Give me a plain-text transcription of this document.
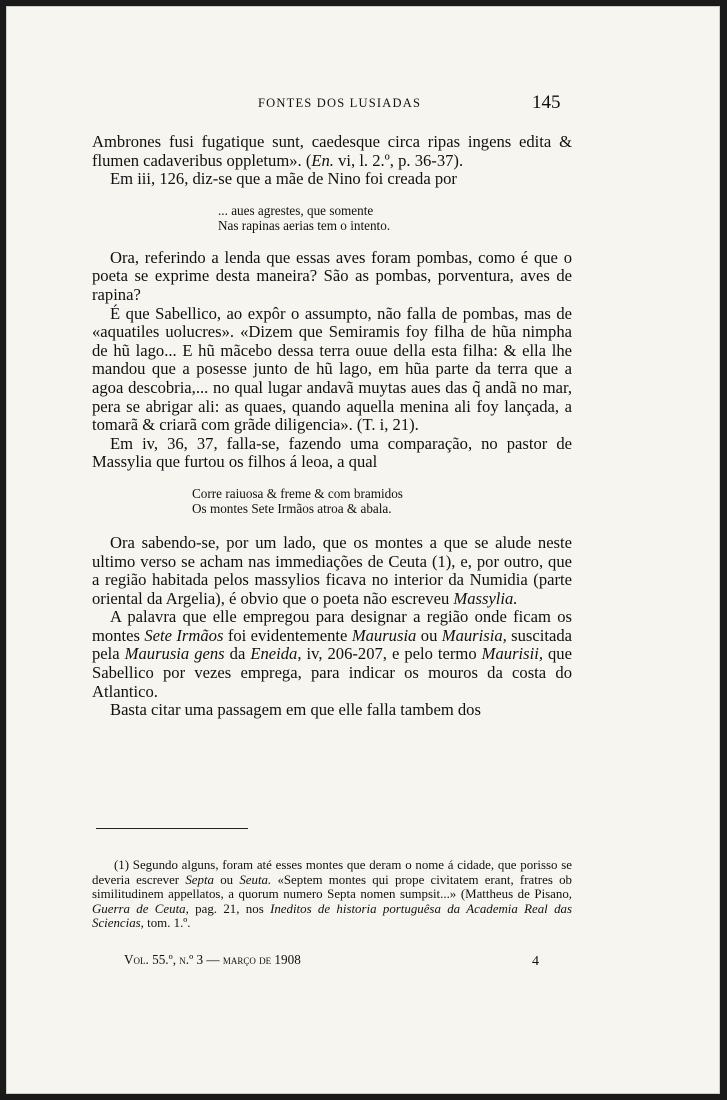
FONTES DOS LUSIADAS	145

Ambrones fusi fugatique sunt, caedesque circa ripas ingens edita & flumen cadaveribus oppletum». (En. vi, l. 2.º, p. 36-37).

Em iii, 126, diz-se que a mãe de Nino foi creada por

... aues agrestes, que somente
Nas rapinas aerias tem o intento.

Ora, referindo a lenda que essas aves foram pombas, como é que o poeta se exprime desta maneira? São as pombas, porventura, aves de rapina?

É que Sabellico, ao expôr o assumpto, não falla de pombas, mas de «aquatiles uolucres». «Dizem que Semiramis foy filha de hũa nimpha de hũ lago... E hũ mãcebo dessa terra ouue della esta filha: & ella lhe mandou que a posesse junto de hũ lago, em hũa parte da terra que a agoa descobria,... no qual lugar andavã muytas aues das q̃ andã no mar, pera se abrigar ali: as quaes, quando aquella menina ali foy lançada, a tomarã & criarã com grãde diligencia». (T. i, 21).

Em iv, 36, 37, falla-se, fazendo uma comparação, no pastor de Massylia que furtou os filhos á leoa, a qual

Corre raiuosa & freme & com bramidos
Os montes Sete Irmãos atroa & abala.

Ora sabendo-se, por um lado, que os montes a que se alude neste ultimo verso se acham nas immediações de Ceuta (1), e, por outro, que a região habitada pelos massylios ficava no interior da Numidia (parte oriental da Argelia), é obvio que o poeta não escreveu Massylia.

A palavra que elle empregou para designar a região onde ficam os montes Sete Irmãos foi evidentemente Maurusia ou Maurisia, suscitada pela Maurusia gens da Eneida, iv, 206-207, e pelo termo Maurisii, que Sabellico por vezes emprega, para indicar os mouros da costa do Atlantico.

Basta citar uma passagem em que elle falla tambem dos

(1) Segundo alguns, foram até esses montes que deram o nome á cidade, que porisso se deveria escrever Septa ou Seuta. «Septem montes qui prope civitatem erant, fratres ob similitudinem appellatos, a quorum numero Septa nomen sumpsit...» (Mattheus de Pisano, Guerra de Ceuta, pag. 21, nos Ineditos de historia portuguêsa da Academia Real das Sciencias, tom. 1.º.

Vol. 55.º, n.º 3 — março de 1908	4
